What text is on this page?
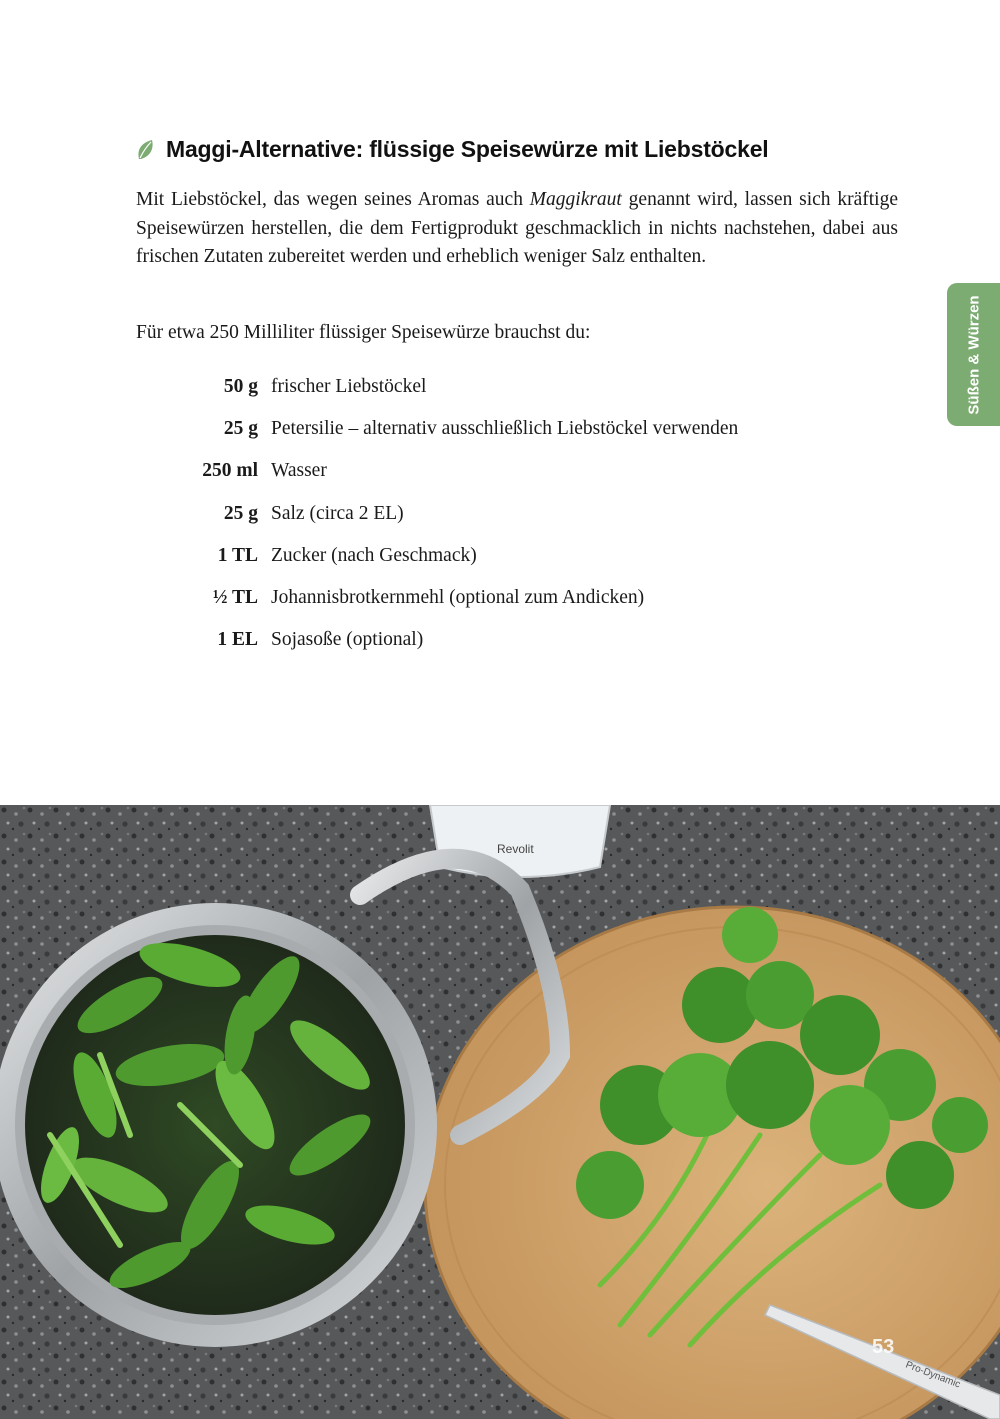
Maggi-Alternative: flüssige Speisewürze mit Liebstöckel

Mit Liebstöckel, das wegen seines Aromas auch Maggikraut genannt wird, lassen sich kräftige Speisewürzen herstellen, die dem Fertigprodukt geschmacklich in nichts nachstehen, dabei aus frischen Zutaten zubereitet werden und erheblich weniger Salz enthalten.

Für etwa 250 Milliliter flüssiger Speisewürze brauchst du:

50 g frischer Liebstöckel
25 g Petersilie – alternativ ausschließlich Liebstöckel verwenden
250 ml Wasser
25 g Salz (circa 2 EL)
1 TL Zucker (nach Geschmack)
½ TL Johannisbrotkernmehl (optional zum Andicken)
1 EL Sojasoße (optional)
Süßen & Würzen
Revolit
Pro-Dynamic
53
